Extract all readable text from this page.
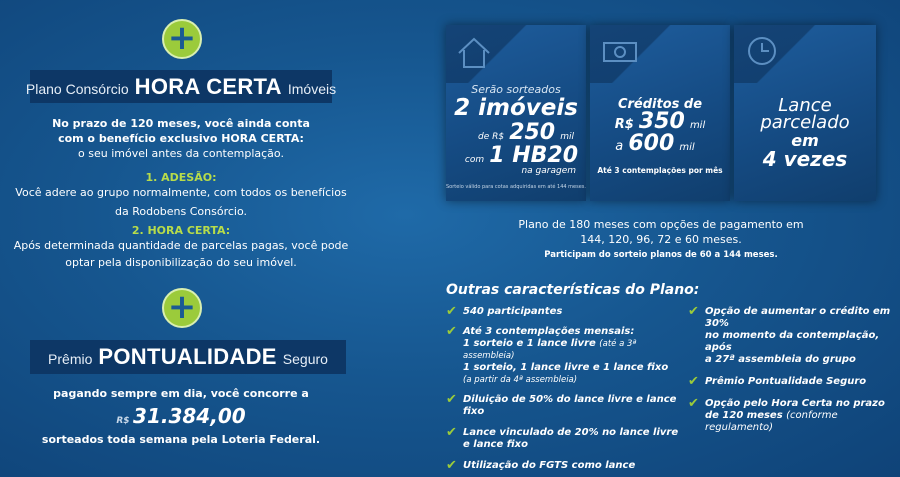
+
Plano Consórcio HORA CERTA Imóveis
No prazo de 120 meses, você ainda conta
com o benefício exclusivo HORA CERTA:
o seu imóvel antes da contemplação.
1. ADESÃO:
Você adere ao grupo normalmente, com todos os benefícios
da Rodobens Consórcio.
2. HORA CERTA:
Após determinada quantidade de parcelas pagas, você pode
optar pela disponibilização do seu imóvel.
+
Prêmio PONTUALIDADE Seguro
pagando sempre em dia, você concorre a
R$ 31.384,00
sorteados toda semana pela Loteria Federal.
Serão sorteados
2 imóveis
de R$ 250 mil
com 1 HB20
na garagem
Sorteio válido para cotas adquiridas em até 144 meses.
Créditos de
R$ 350 mil
a 600 mil
Até 3 contemplações por mês
Lance
parcelado
em
4 vezes
Plano de 180 meses com opções de pagamento em
144, 120, 96, 72 e 60 meses.
Participam do sorteio planos de 60 a 144 meses.
Outras características do Plano:
✔ 540 participantes
✔ Até 3 contemplações mensais:
1 sorteio e 1 lance livre (até a 3ª assembleia)
1 sorteio, 1 lance livre e 1 lance fixo
(a partir da 4ª assembleia)
✔ Diluição de 50% do lance livre e lance fixo
✔ Lance vinculado de 20% no lance livre
e lance fixo
✔ Utilização do FGTS como lance
✔ Opção de aumentar o crédito em 30%
no momento da contemplação, após
a 27ª assembleia do grupo
✔ Prêmio Pontualidade Seguro
✔ Opção pelo Hora Certa no prazo
de 120 meses (conforme regulamento)
